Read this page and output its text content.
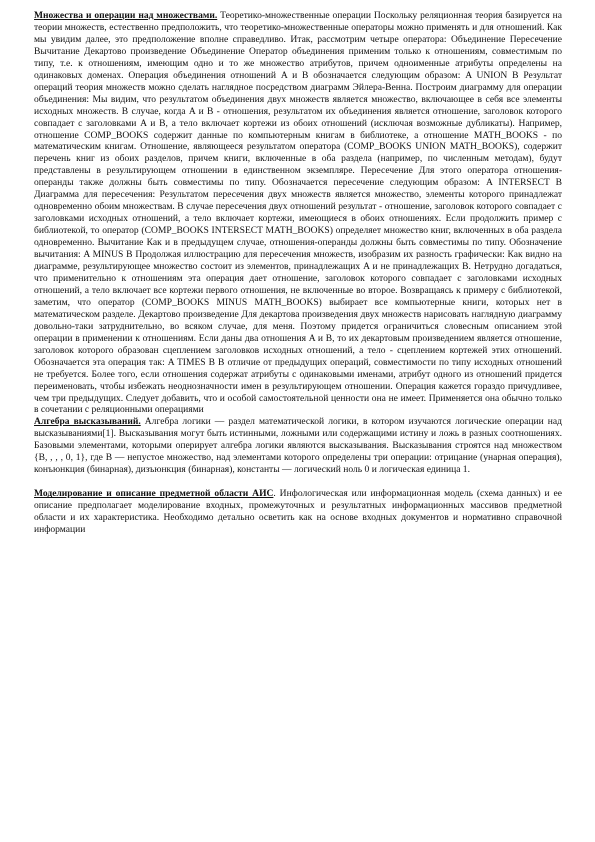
Множества и операции над множествами. Теоретико-множественные операции Поскольку реляционная теория базируется на теории множеств, естественно предположить, что теоретико-множественные операторы можно применять и для отношений. Как мы увидим далее, это предположение вполне справедливо. Итак, рассмотрим четыре оператора: Объединение Пересечение Вычитание Декартово произведение Объединение Оператор объединения применим только к отношениям, совместимым по типу, т.е. к отношениям, имеющим одно и то же множество атрибутов, причем одноименные атрибуты определены на одинаковых доменах. Операция объединения отношений A и B обозначается следующим образом: A UNION B Результат операций теория множеств можно сделать наглядное посредством диаграмм Эйлера-Венна. Построим диаграмму для операции объединения: Мы видим, что результатом объединения двух множеств является множество, включающее в себя все элементы исходных множеств. В случае, когда A и B - отношения, результатом их объединения является отношение, заголовок которого совпадает с заголовками A и B, а тело включает кортежи из обоих отношений (исключая возможные дубликаты). Например, отношение COMP_BOOKS содержит данные по компьютерным книгам в библиотеке, а отношение MATH_BOOKS - по математическим книгам. Отношение, являющееся результатом оператора (COMP_BOOKS UNION MATH_BOOKS), содержит перечень книг из обоих разделов, причем книги, включенные в оба раздела (например, по численным методам), будут представлены в результирующем отношении в единственном экземпляре. Пересечение Для этого оператора отношения-операнды также должны быть совместимы по типу. Обозначается пересечение следующим образом: A INTERSECT B Диаграмма для пересечения: Результатом пересечения двух множеств является множество, элементы которого принадлежат одновременно обоим множествам. В случае пересечения двух отношений результат - отношение, заголовок которого совпадает с заголовками исходных отношений, а тело включает кортежи, имеющиеся в обоих отношениях. Если продолжить пример с библиотекой, то оператор (COMP_BOOKS INTERSECT MATH_BOOKS) определяет множество книг, включенных в оба раздела одновременно. Вычитание Как и в предыдущем случае, отношения-операнды должны быть совместимы по типу. Обозначение вычитания: A MINUS B Продолжая иллюстрацию для пересечения множеств, изобразим их разность графически: Как видно на диаграмме, результирующее множество состоит из элементов, принадлежащих A и не принадлежащих B. Нетрудно догадаться, что применительно к отношениям эта операция дает отношение, заголовок которого совпадает с заголовками исходных отношений, а тело включает все кортежи первого отношения, не включенные во второе. Возвращаясь к примеру с библиотекой, заметим, что оператор (COMP_BOOKS MINUS MATH_BOOKS) выбирает все компьютерные книги, которых нет в математическом разделе. Декартово произведение Для декартова произведения двух множеств нарисовать наглядную диаграмму довольно-таки затруднительно, во всяком случае, для меня. Поэтому придется ограничиться словесным описанием этой операции в применении к отношениям. Если даны два отношения A и B, то их декартовым произведением является отношение, заголовок которого образован сцеплением заголовков исходных отношений, а тело - сцеплением кортежей этих отношений. Обозначается эта операция так: A TIMES B В отличие от предыдущих операций, совместимости по типу исходных отношений не требуется. Более того, если отношения содержат атрибуты с одинаковыми именами, атрибут одного из отношений придется переименовать, чтобы избежать неоднозначности имен в результирующем отношении. Операция кажется гораздо причудливее, чем три предыдущих. Следует добавить, что и особой самостоятельной ценности она не имеет. Применяется она обычно только в сочетании с реляционными операциями

Алгебра высказываний. Алгебра логики — раздел математической логики, в котором изучаются логические операции над высказываниями[1]. Высказывания могут быть истинными, ложными или содержащими истину и ложь в разных соотношениях. Базовыми элементами, которыми оперирует алгебра логики являются высказывания. Высказывания строятся над множеством {B, , , , 0, 1}, где B — непустое множество, над элементами которого определены три операции: отрицание (унарная операция), конъюнкция (бинарная), дизъюнкция (бинарная), константы — логический ноль 0 и логическая единица 1.

Моделирование и описание предметной области АИС. Инфологическая или информационная модель (схема данных) и ее описание предполагает моделирование входных, промежуточных и результатных информационных массивов предметной области и их характеристика. Необходимо детально осветить как на основе входных документов и нормативно справочной информации
